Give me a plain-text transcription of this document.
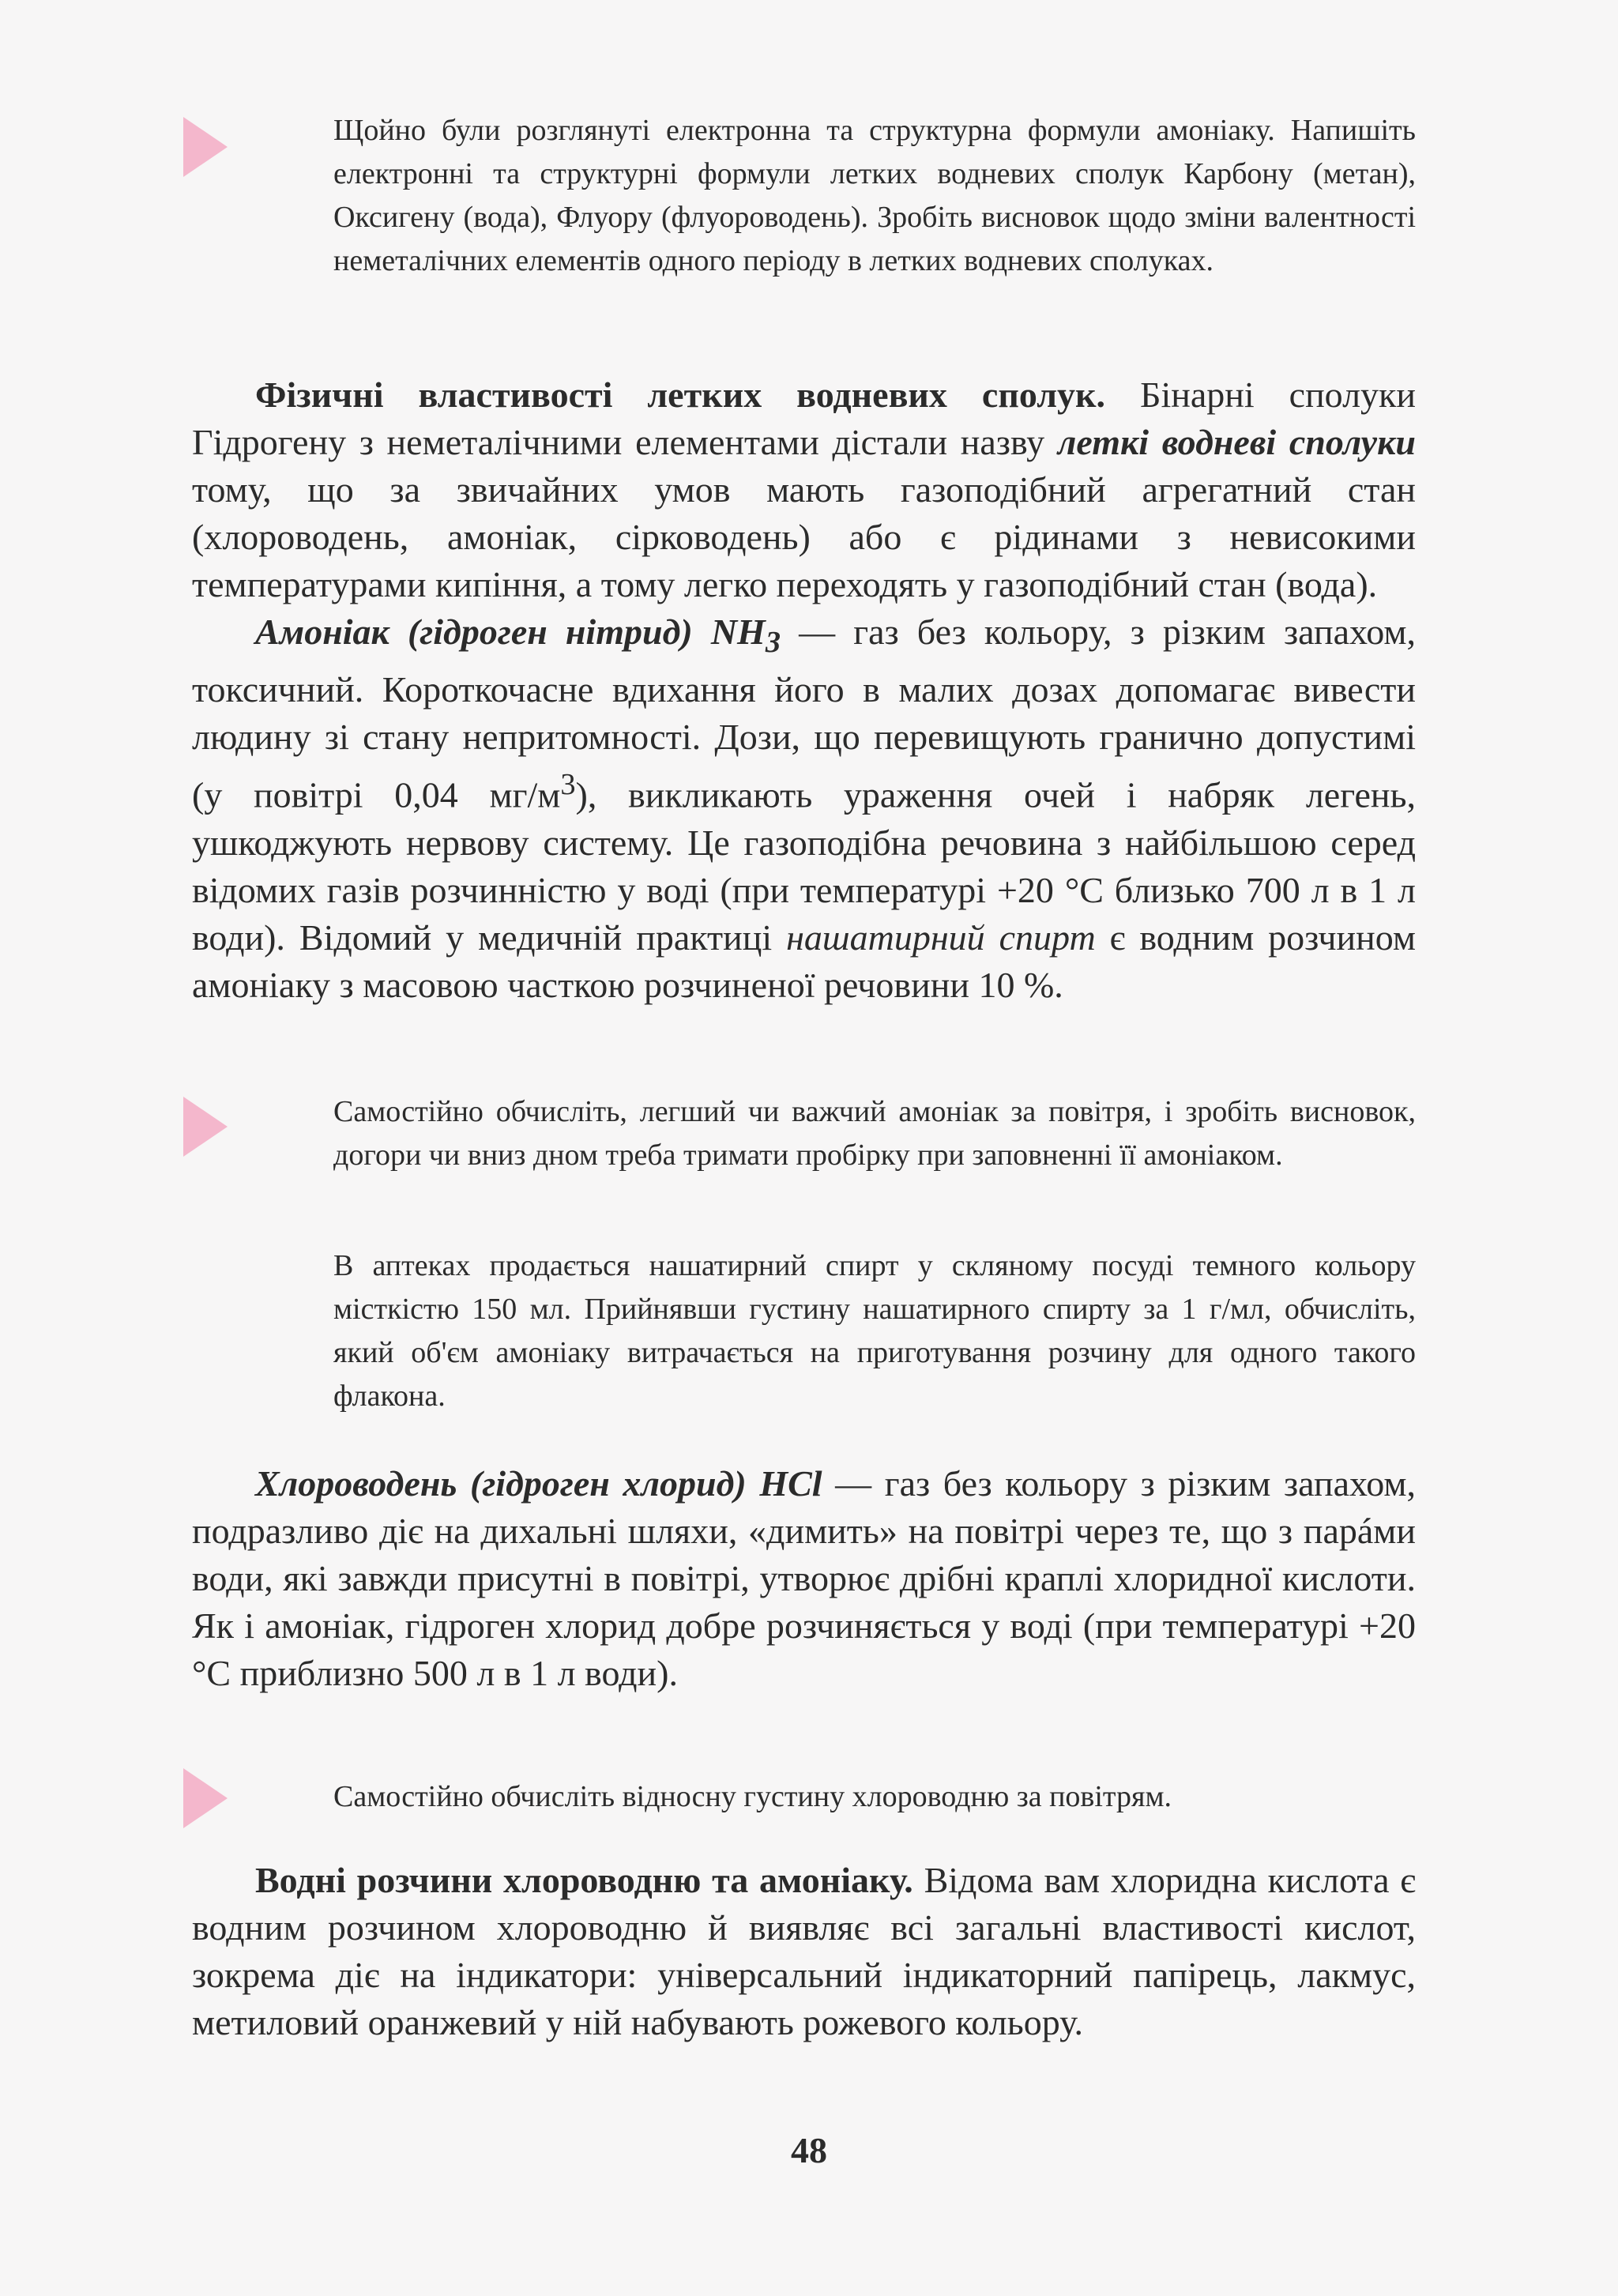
Щойно були розглянуті електронна та структурна формули амоніаку. Напишіть електронні та структурні формули летких водневих сполук Карбону (метан), Оксигену (вода), Флуору (флуороводень). Зробіть висновок щодо зміни валентності неметалічних елементів одного періоду в летких водневих сполуках.

Фізичні властивості летких водневих сполук. Бінарні сполуки Гідрогену з неметалічними елементами дістали назву леткі водневі сполуки тому, що за звичайних умов мають газоподібний агрегатний стан (хлороводень, амоніак, сірководень) або є рідинами з невисокими температурами кипіння, а тому легко переходять у газоподібний стан (вода).

Амоніак (гідроген нітрид) $NH_3$ — газ без кольору, з різким запахом, токсичний. Короткочасне вдихання його в малих дозах допомагає вивести людину зі стану непритомності. Дози, що перевищують гранично допустимі (у повітрі 0,04 $мг/м^3$), викликають ураження очей і набряк легень, ушкоджують нервову систему. Це газоподібна речовина з найбільшою серед відомих газів розчинністю у воді (при температурі +20 °С близько 700 л в 1 л води). Відомий у медичній практиці нашатирний спирт є водним розчином амоніаку з масовою часткою розчиненої речовини 10 %.

Самостійно обчисліть, легший чи важчий амоніак за повітря, і зробіть висновок, догори чи вниз дном треба тримати пробірку при заповненні її амоніаком.

В аптеках продається нашатирний спирт у скляному посуді темного кольору місткістю 150 мл. Прийнявши густину нашатирного спирту за 1 г/мл, обчисліть, який об'єм амоніаку витрачається на приготування розчину для одного такого флакона.

Хлороводень (гідроген хлорид) HCl — газ без кольору з різким запахом, подразливо діє на дихальні шляхи, «димить» на повітрі через те, що з парáми води, які завжди присутні в повітрі, утворює дрібні краплі хлоридної кислоти. Як і амоніак, гідроген хлорид добре розчиняється у воді (при температурі +20 °С приблизно 500 л в 1 л води).

Самостійно обчисліть відносну густину хлороводню за повітрям.

Водні розчини хлороводню та амоніаку. Відома вам хлоридна кислота є водним розчином хлороводню й виявляє всі загальні властивості кислот, зокрема діє на індикатори: універсальний індикаторний папірець, лакмус, метиловий оранжевий у ній набувають рожевого кольору.

48
